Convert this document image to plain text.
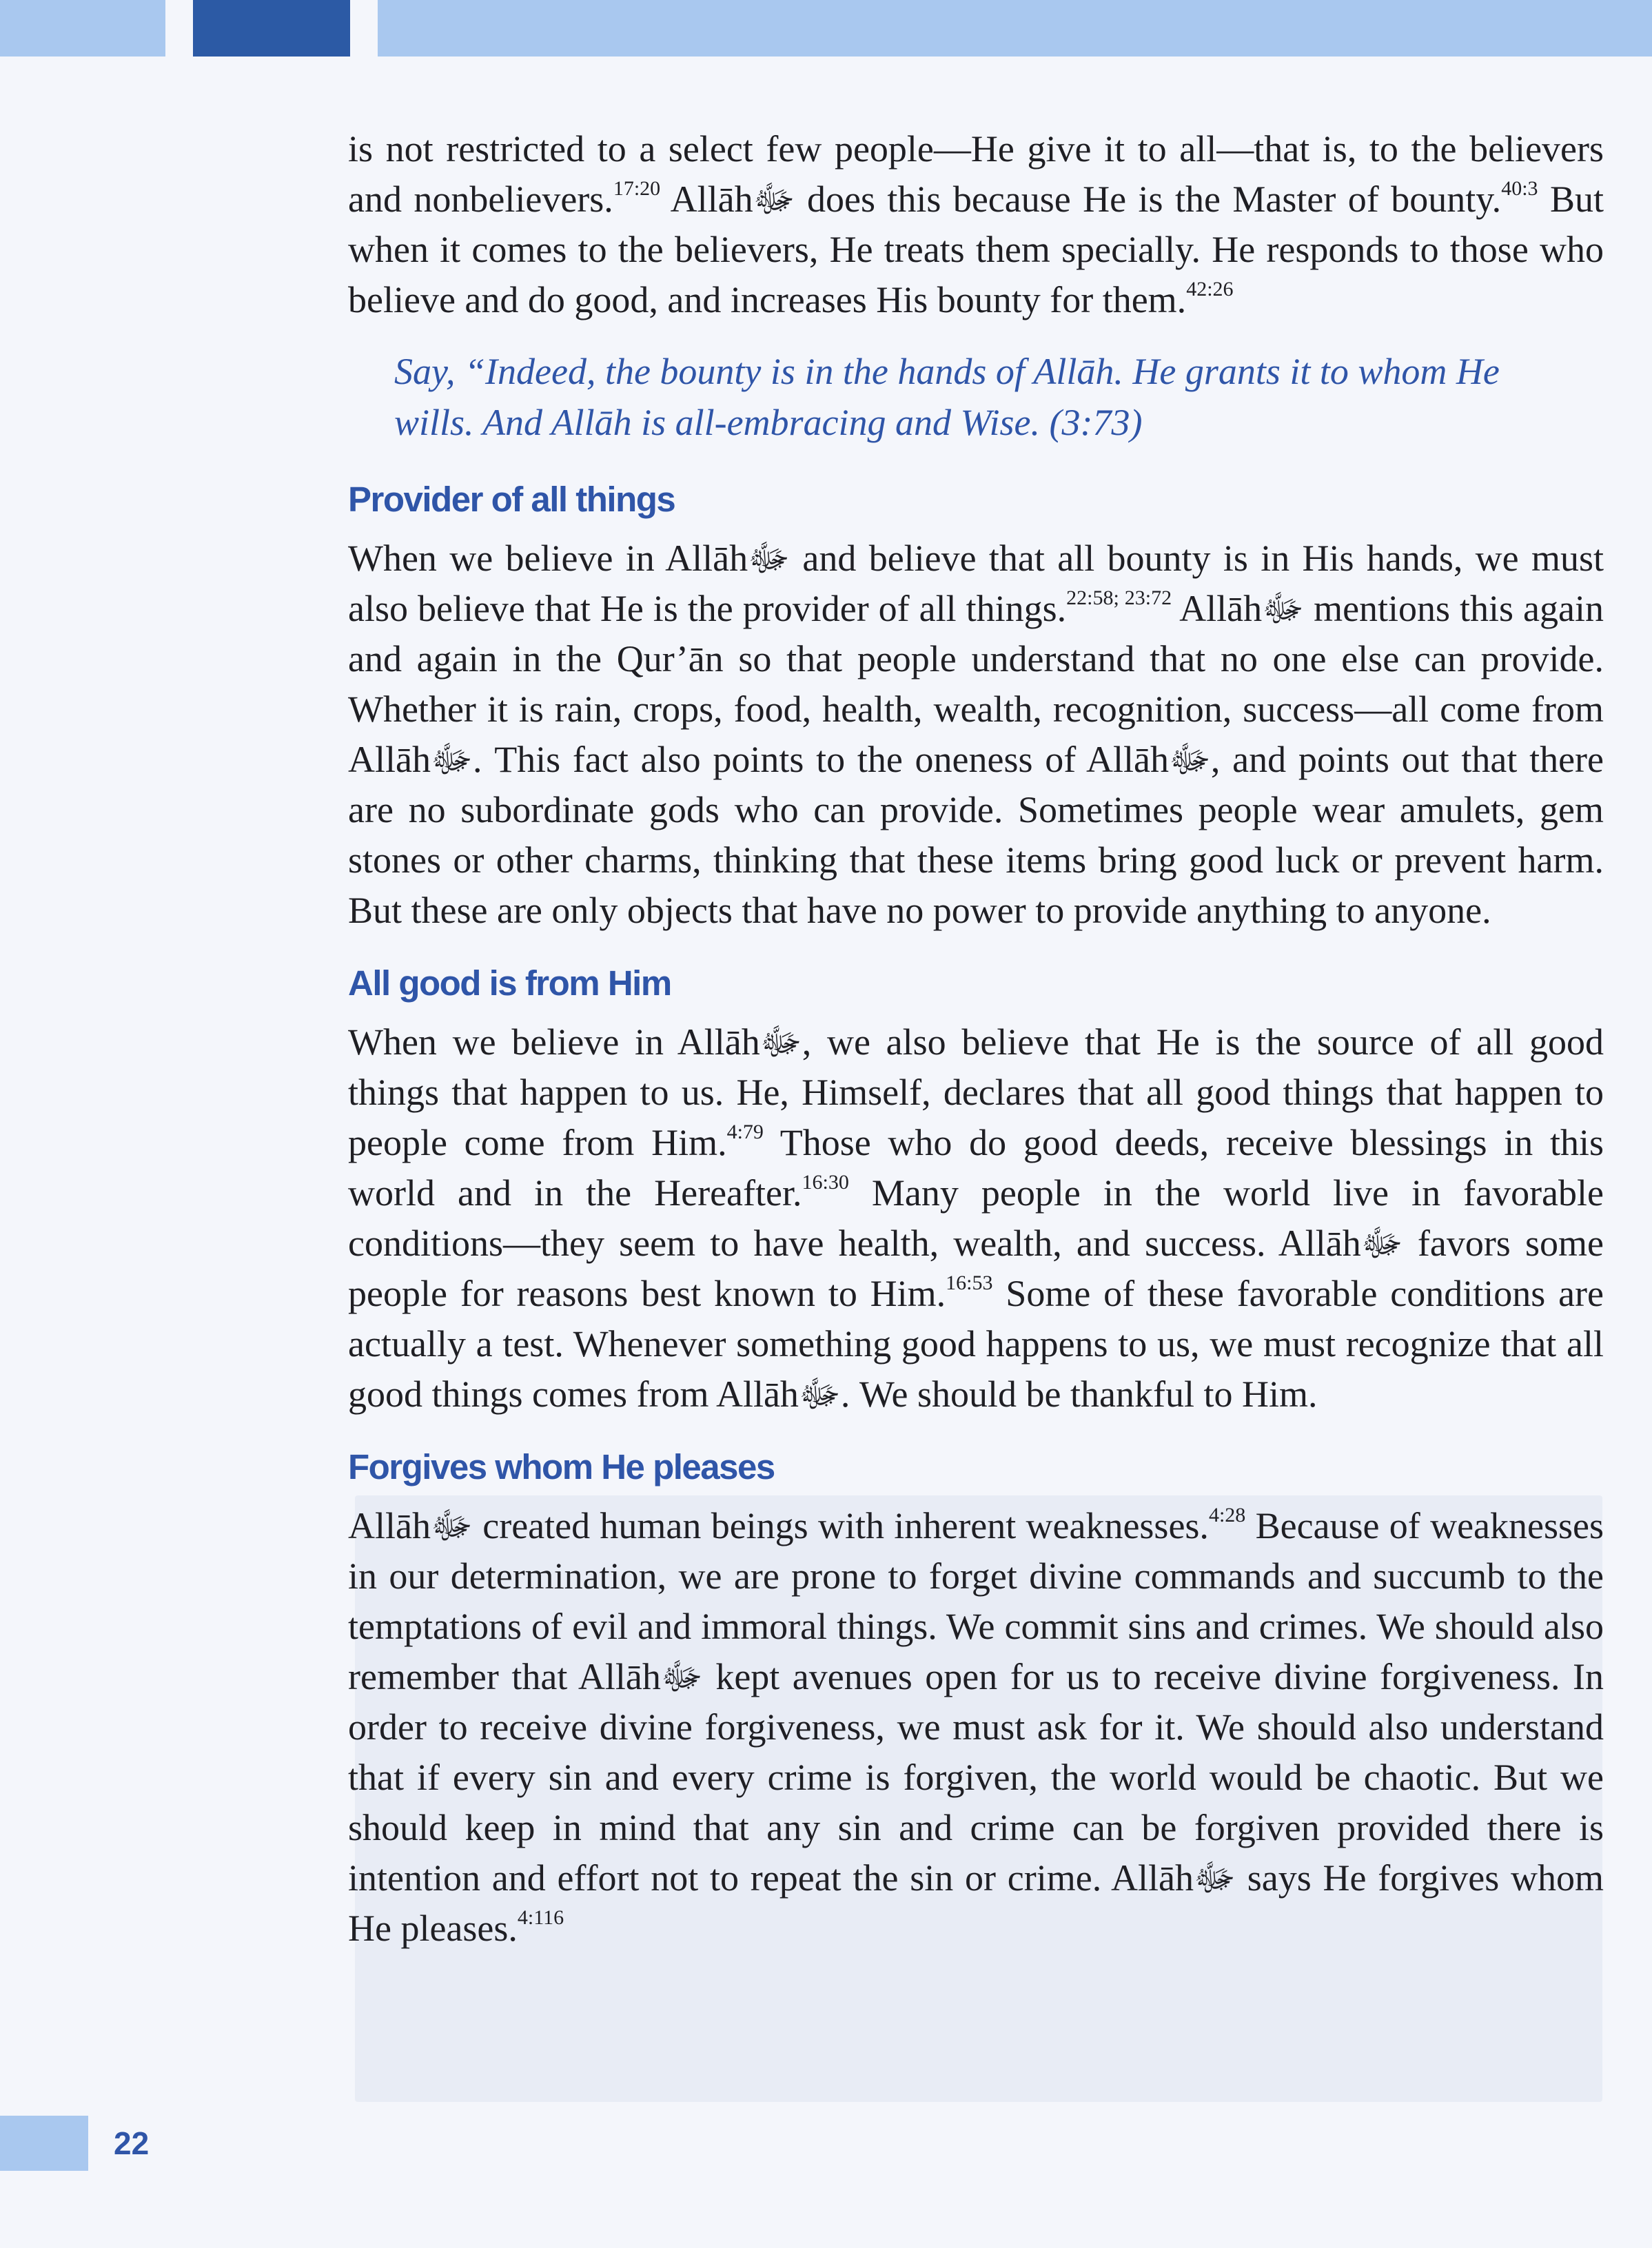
is not restricted to a select few people—He give it to all—that is, to the believers and nonbelievers.$^{17:20}$ Allāhﷻ does this because He is the Master of bounty.$^{40:3}$ But when it comes to the believers, He treats them specially. He responds to those who believe and do good, and increases His bounty for them.$^{42:26}$

Say, “Indeed, the bounty is in the hands of Allāh. He grants it to whom He wills. And Allāh is all-embracing and Wise. (3:73)

Provider of all things

When we believe in Allāhﷻ and believe that all bounty is in His hands, we must also believe that He is the provider of all things.$^{22:58; 23:72}$ Allāhﷻ mentions this again and again in the Qur’ān so that people understand that no one else can provide. Whether it is rain, crops, food, health, wealth, recognition, success—all come from Allāhﷻ. This fact also points to the oneness of Allāhﷻ, and points out that there are no subordinate gods who can provide. Sometimes people wear amulets, gem stones or other charms, thinking that these items bring good luck or prevent harm. But these are only objects that have no power to provide anything to anyone.

All good is from Him

When we believe in Allāhﷻ, we also believe that He is the source of all good things that happen to us. He, Himself, declares that all good things that happen to people come from Him.$^{4:79}$ Those who do good deeds, receive blessings in this world and in the Hereafter.$^{16:30}$ Many people in the world live in favorable conditions—they seem to have health, wealth, and success. Allāhﷻ favors some people for reasons best known to Him.$^{16:53}$ Some of these favorable conditions are actually a test. Whenever something good happens to us, we must recognize that all good things comes from Allāhﷻ. We should be thankful to Him.

Forgives whom He pleases

Allāhﷻ created human beings with inherent weaknesses.$^{4:28}$ Because of weaknesses in our determination, we are prone to forget divine commands and succumb to the temptations of evil and immoral things. We commit sins and crimes. We should also remember that Allāhﷻ kept avenues open for us to receive divine forgiveness. In order to receive divine forgiveness, we must ask for it. We should also understand that if every sin and every crime is forgiven, the world would be chaotic. But we should keep in mind that any sin and crime can be forgiven provided there is intention and effort not to repeat the sin or crime. Allāhﷻ says He forgives whom He pleases.$^{4:116}$

22
